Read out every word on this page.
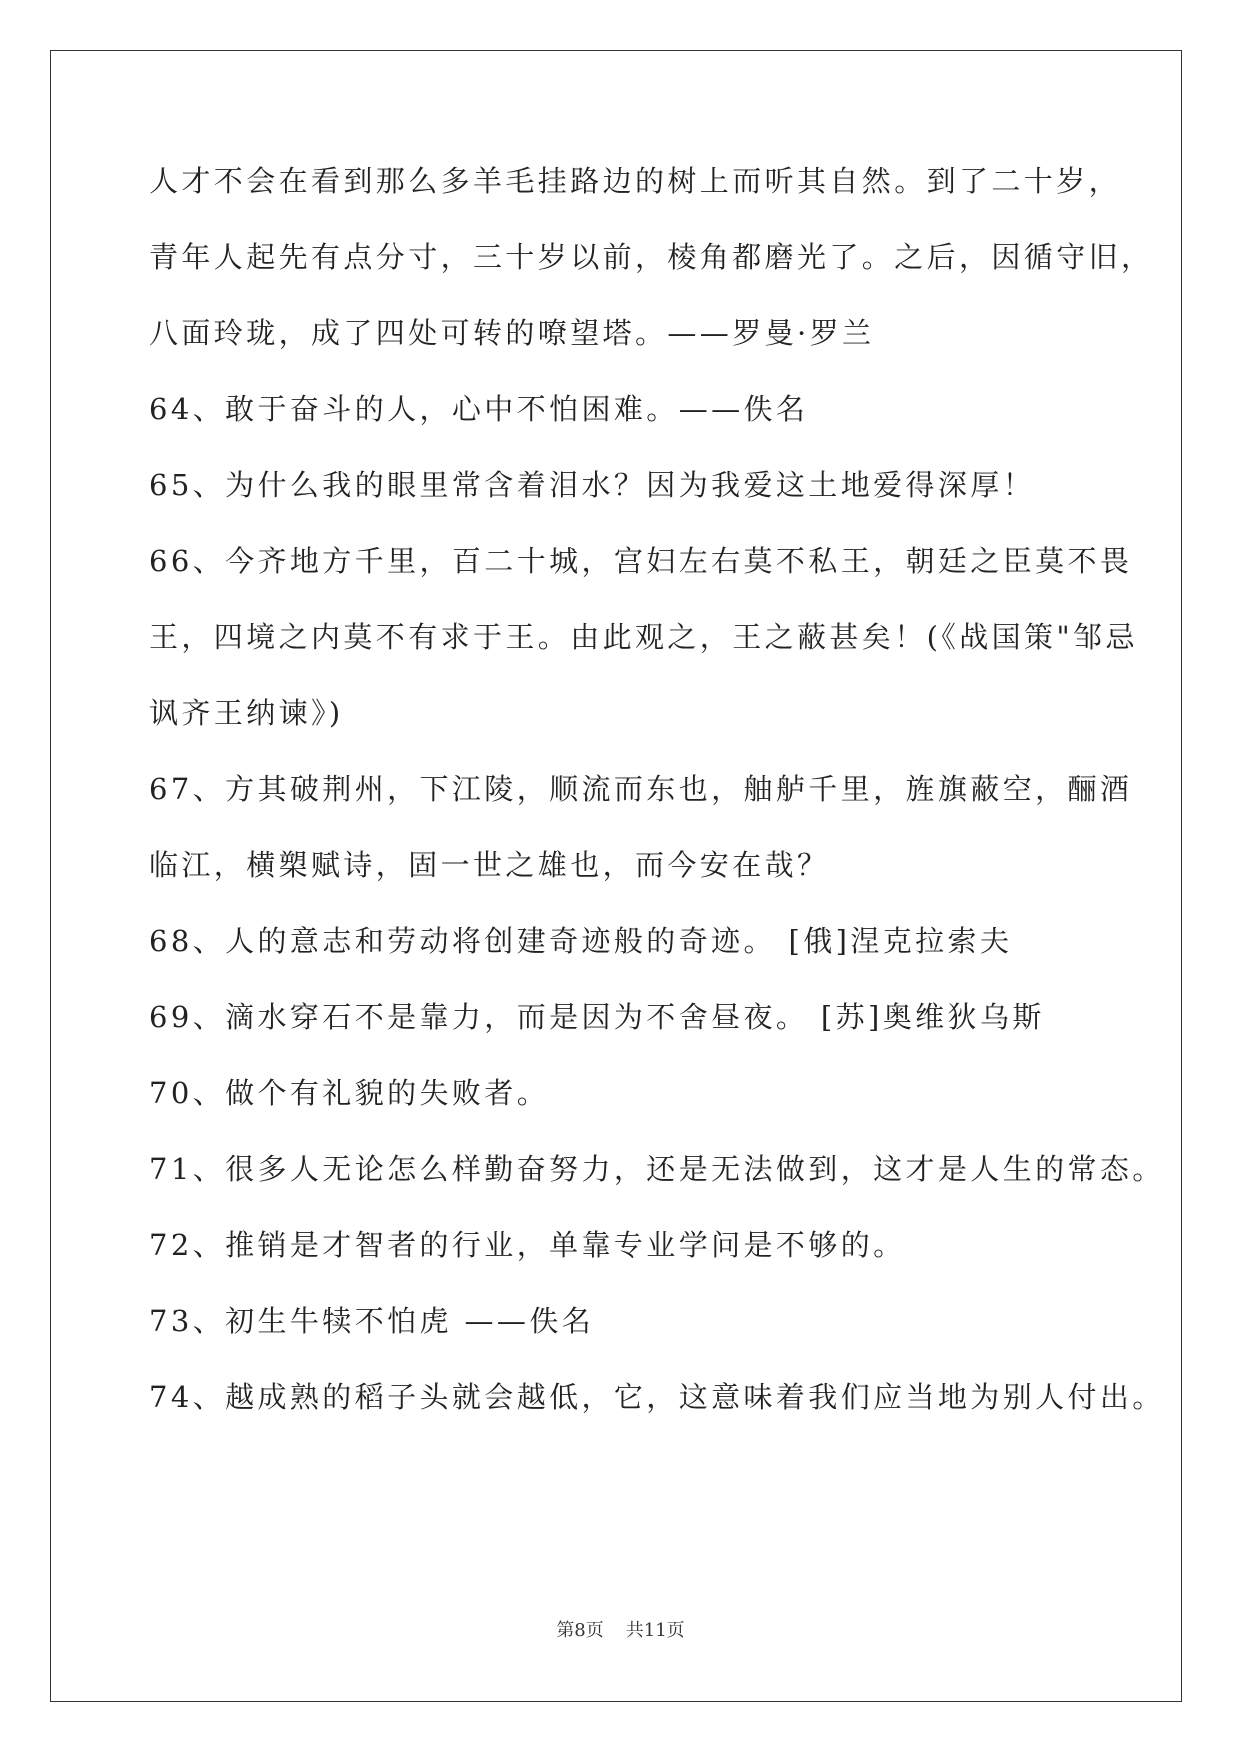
人才不会在看到那么多羊毛挂路边的树上而听其自然。到了二十岁，
青年人起先有点分寸，三十岁以前，棱角都磨光了。之后，因循守旧，
八面玲珑，成了四处可转的嘹望塔。——罗曼·罗兰
64、敢于奋斗的人，心中不怕困难。——佚名
65、为什么我的眼里常含着泪水？因为我爱这土地爱得深厚！
66、今齐地方千里，百二十城，宫妇左右莫不私王，朝廷之臣莫不畏
王，四境之内莫不有求于王。由此观之，王之蔽甚矣！(《战国策"邹忌
讽齐王纳谏》)
67、方其破荆州，下江陵，顺流而东也，舳舻千里，旌旗蔽空，酾酒
临江，横槊赋诗，固一世之雄也，而今安在哉？
68、人的意志和劳动将创建奇迹般的奇迹。 [俄]涅克拉索夫
69、滴水穿石不是靠力，而是因为不舍昼夜。 [苏]奥维狄乌斯
70、做个有礼貌的失败者。
71、很多人无论怎么样勤奋努力，还是无法做到，这才是人生的常态。
72、推销是才智者的行业，单靠专业学问是不够的。
73、初生牛犊不怕虎 ——佚名
74、越成熟的稻子头就会越低，它，这意味着我们应当地为别人付出。
第8页 共11页
